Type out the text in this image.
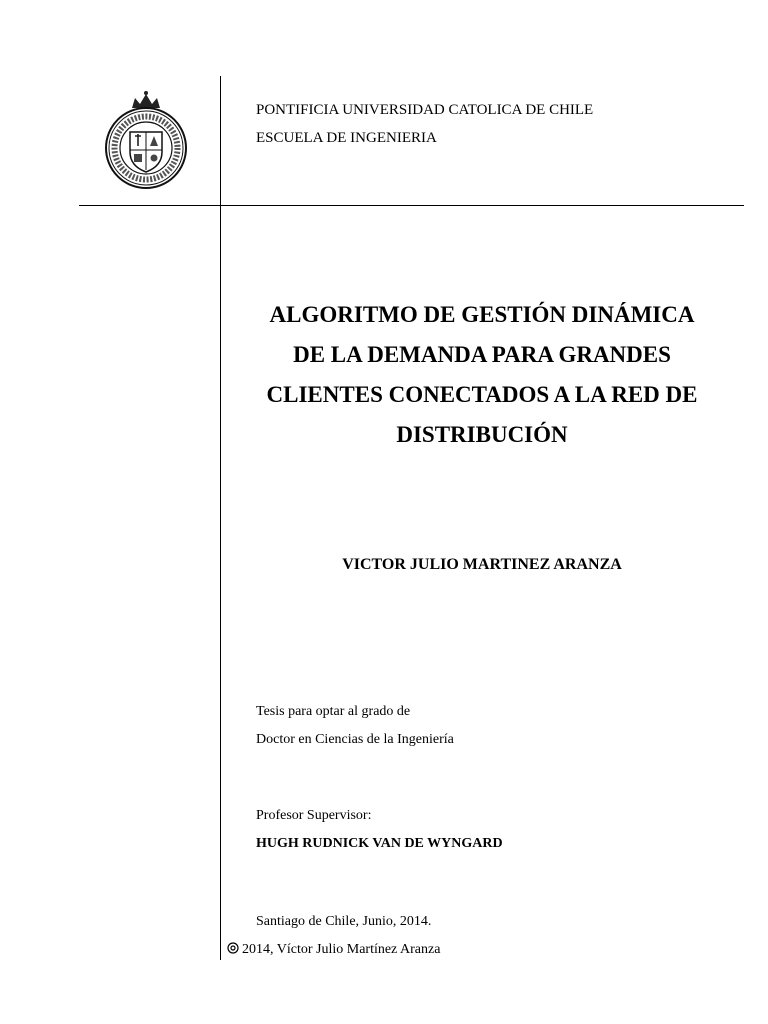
PONTIFICIA UNIVERSIDAD CATOLICA DE CHILE
ESCUELA DE INGENIERIA
ALGORITMO DE GESTIÓN DINÁMICA
DE LA DEMANDA PARA GRANDES
CLIENTES CONECTADOS A LA RED DE
DISTRIBUCIÓN
VICTOR JULIO MARTINEZ ARANZA
Tesis para optar al grado de
Doctor en Ciencias de la Ingeniería
Profesor Supervisor:
HUGH RUDNICK VAN DE WYNGARD
Santiago de Chile, Junio, 2014.
2014, Víctor Julio Martínez Aranza
